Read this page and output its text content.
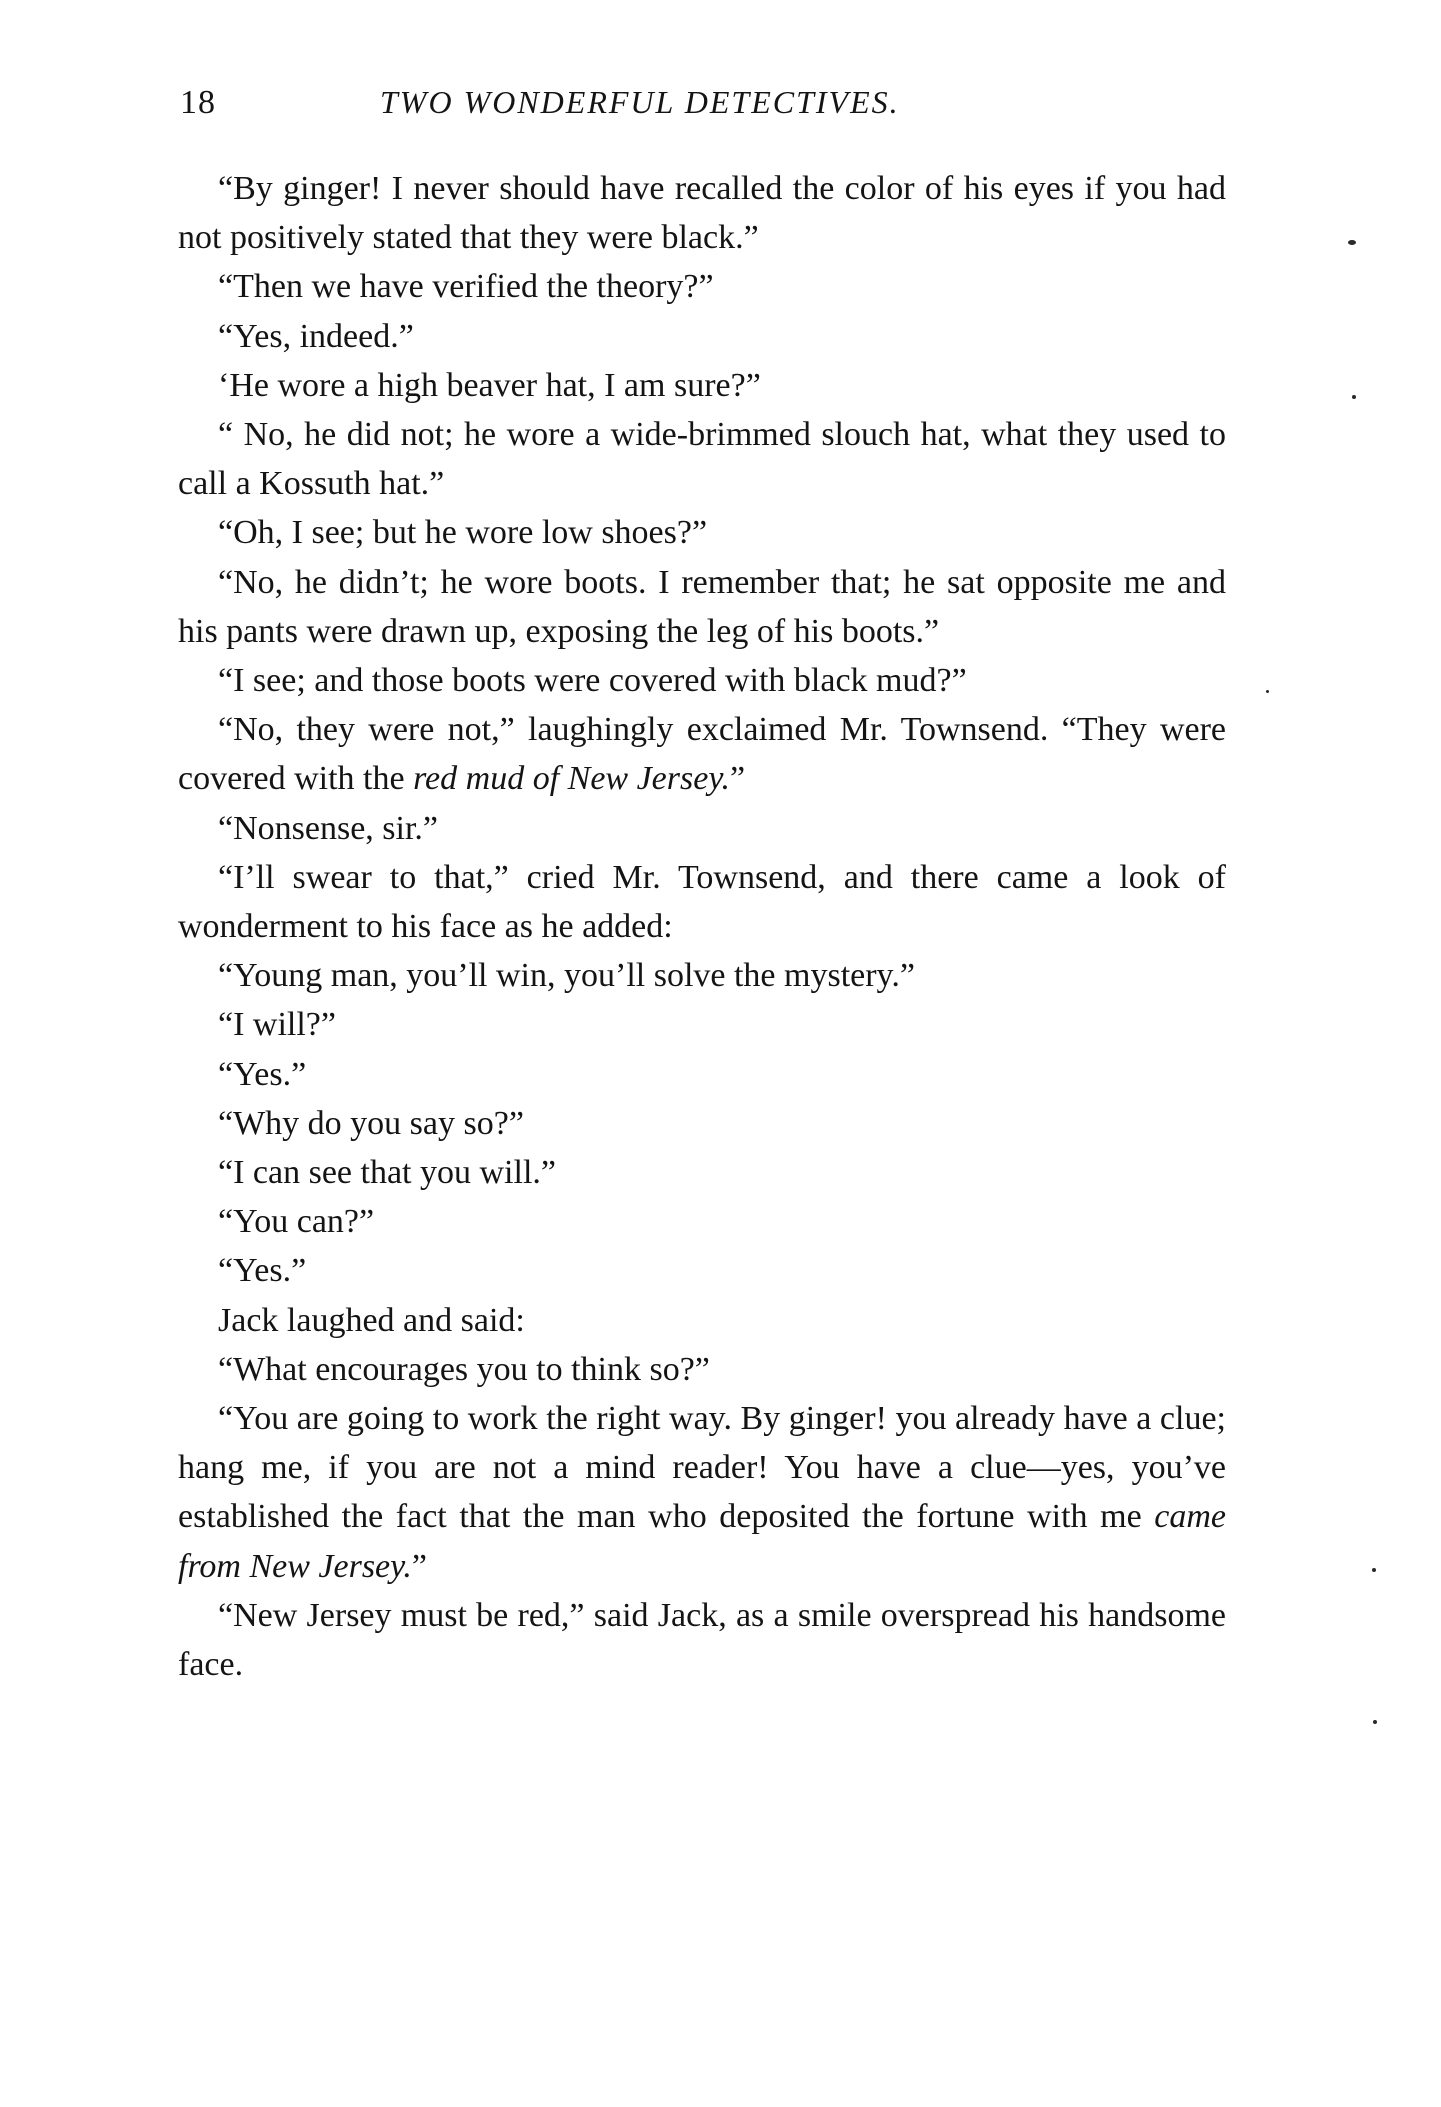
18	TWO WONDERFUL DETECTIVES.

“By ginger! I never should have recalled the color of his eyes if you had not positively stated that they were black.”

“Then we have verified the theory?”

“Yes, indeed.”

‘He wore a high beaver hat, I am sure?”

“ No, he did not; he wore a wide-brimmed slouch hat, what they used to call a Kossuth hat.”

“Oh, I see; but he wore low shoes?”

“No, he didn’t; he wore boots. I remember that; he sat opposite me and his pants were drawn up, exposing the leg of his boots.”

“I see; and those boots were covered with black mud?”

“No, they were not,” laughingly exclaimed Mr. Townsend. “They were covered with the red mud of New Jersey.”

“Nonsense, sir.”

“I’ll swear to that,” cried Mr. Townsend, and there came a look of wonderment to his face as he added:

“Young man, you’ll win, you’ll solve the mystery.”

“I will?”

“Yes.”

“Why do you say so?”

“I can see that you will.”

“You can?”

“Yes.”

Jack laughed and said:

“What encourages you to think so?”

“You are going to work the right way. By ginger! you already have a clue; hang me, if you are not a mind reader! You have a clue—yes, you’ve established the fact that the man who deposited the fortune with me came from New Jersey.”

“New Jersey must be red,” said Jack, as a smile overspread his handsome face.
